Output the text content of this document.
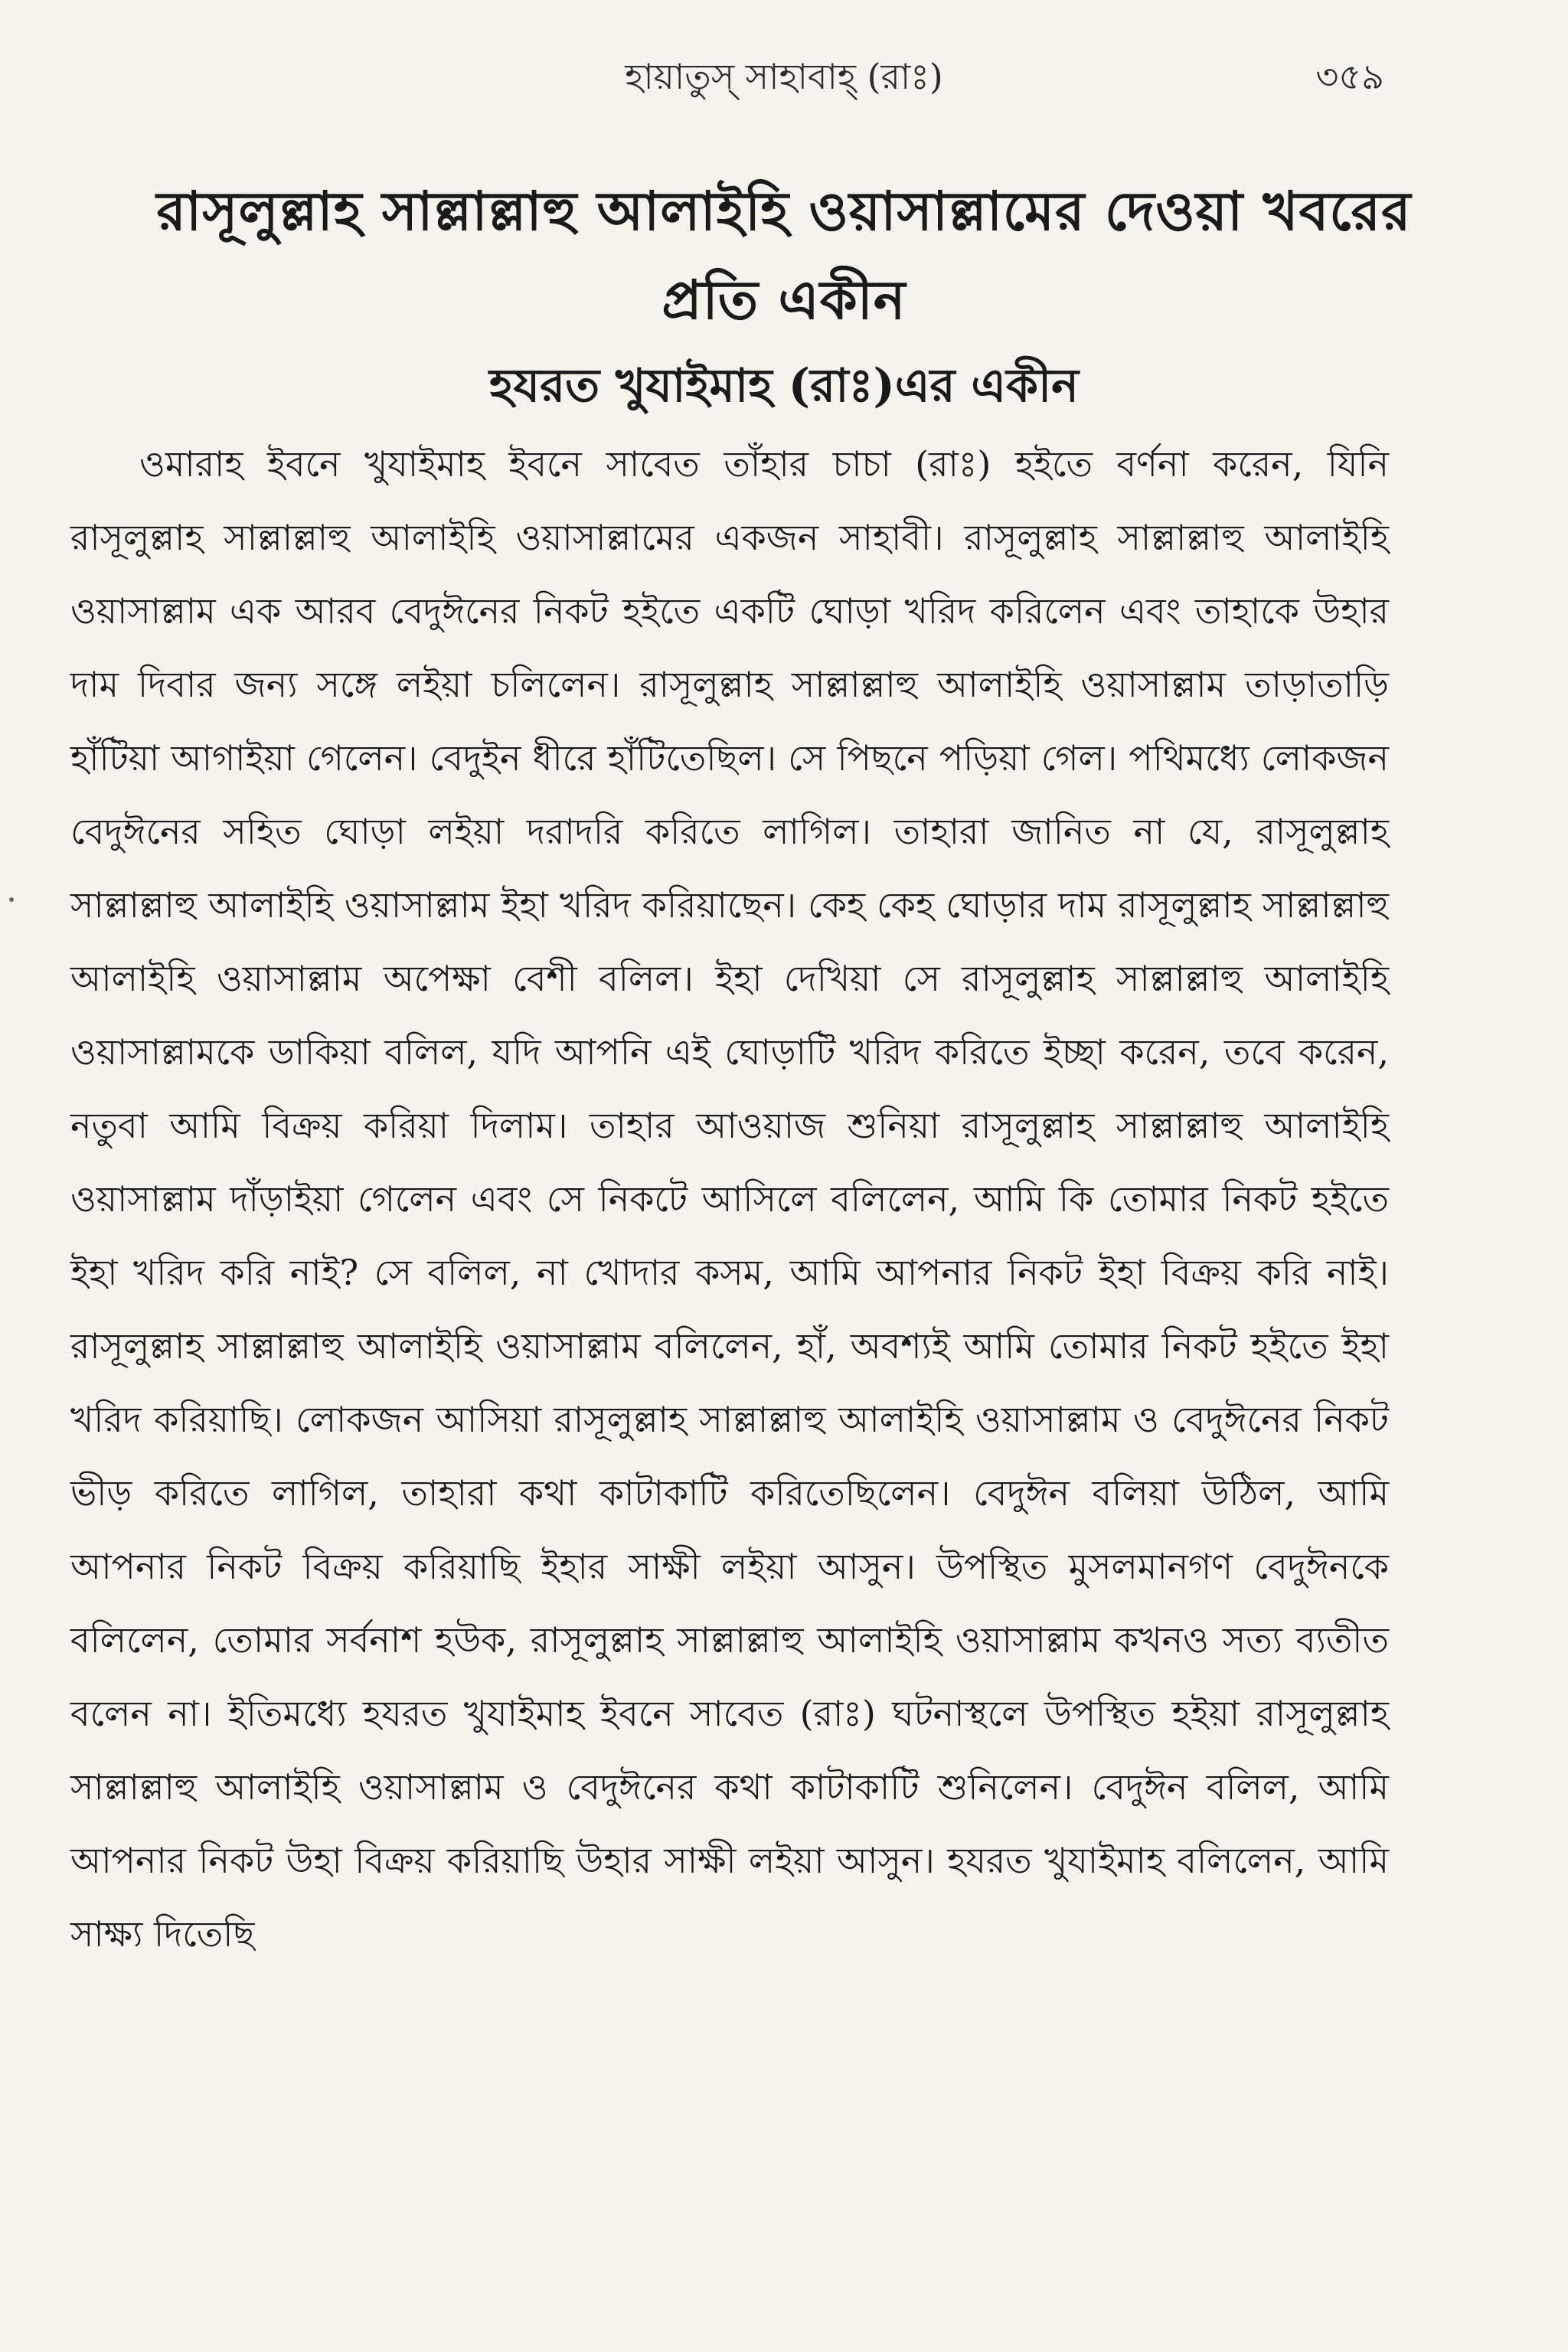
হায়াতুস্ সাহাবাহ্ (রাঃ)	৩৫৯
রাসূলুল্লাহ সাল্লাল্লাহু আলাইহি ওয়াসাল্লামের দেওয়া খবরের প্রতি একীন
হযরত খুযাইমাহ (রাঃ)এর একীন

ওমারাহ ইবনে খুযাইমাহ ইবনে সাবেত তাঁহার চাচা (রাঃ) হইতে বর্ণনা করেন, যিনি রাসূলুল্লাহ সাল্লাল্লাহু আলাইহি ওয়াসাল্লামের একজন সাহাবী। রাসূলুল্লাহ সাল্লাল্লাহু আলাইহি ওয়াসাল্লাম এক আরব বেদুঈনের নিকট হইতে একটি ঘোড়া খরিদ করিলেন এবং তাহাকে উহার দাম দিবার জন্য সঙ্গে লইয়া চলিলেন। রাসূলুল্লাহ সাল্লাল্লাহু আলাইহি ওয়াসাল্লাম তাড়াতাড়ি হাঁটিয়া আগাইয়া গেলেন। বেদুইন ধীরে হাঁটিতেছিল। সে পিছনে পড়িয়া গেল। পথিমধ্যে লোকজন বেদুঈনের সহিত ঘোড়া লইয়া দরাদরি করিতে লাগিল। তাহারা জানিত না যে, রাসূলুল্লাহ সাল্লাল্লাহু আলাইহি ওয়াসাল্লাম ইহা খরিদ করিয়াছেন। কেহ কেহ ঘোড়ার দাম রাসূলুল্লাহ সাল্লাল্লাহু আলাইহি ওয়াসাল্লাম অপেক্ষা বেশী বলিল। ইহা দেখিয়া সে রাসূলুল্লাহ সাল্লাল্লাহু আলাইহি ওয়াসাল্লামকে ডাকিয়া বলিল, যদি আপনি এই ঘোড়াটি খরিদ করিতে ইচ্ছা করেন, তবে করেন, নতুবা আমি বিক্রয় করিয়া দিলাম। তাহার আওয়াজ শুনিয়া রাসূলুল্লাহ সাল্লাল্লাহু আলাইহি ওয়াসাল্লাম দাঁড়াইয়া গেলেন এবং সে নিকটে আসিলে বলিলেন, আমি কি তোমার নিকট হইতে ইহা খরিদ করি নাই? সে বলিল, না খোদার কসম, আমি আপনার নিকট ইহা বিক্রয় করি নাই। রাসূলুল্লাহ সাল্লাল্লাহু আলাইহি ওয়াসাল্লাম বলিলেন, হাঁ, অবশ্যই আমি তোমার নিকট হইতে ইহা খরিদ করিয়াছি। লোকজন আসিয়া রাসূলুল্লাহ সাল্লাল্লাহু আলাইহি ওয়াসাল্লাম ও বেদুঈনের নিকট ভীড় করিতে লাগিল, তাহারা কথা কাটাকাটি করিতেছিলেন। বেদুঈন বলিয়া উঠিল, আমি আপনার নিকট বিক্রয় করিয়াছি ইহার সাক্ষী লইয়া আসুন। উপস্থিত মুসলমানগণ বেদুঈনকে বলিলেন, তোমার সর্বনাশ হউক, রাসূলুল্লাহ সাল্লাল্লাহু আলাইহি ওয়াসাল্লাম কখনও সত্য ব্যতীত বলেন না। ইতিমধ্যে হযরত খুযাইমাহ ইবনে সাবেত (রাঃ) ঘটনাস্থলে উপস্থিত হইয়া রাসূলুল্লাহ সাল্লাল্লাহু আলাইহি ওয়াসাল্লাম ও বেদুঈনের কথা কাটাকাটি শুনিলেন। বেদুঈন বলিল, আমি আপনার নিকট উহা বিক্রয় করিয়াছি উহার সাক্ষী লইয়া আসুন। হযরত খুযাইমাহ বলিলেন, আমি সাক্ষ্য দিতেছি
